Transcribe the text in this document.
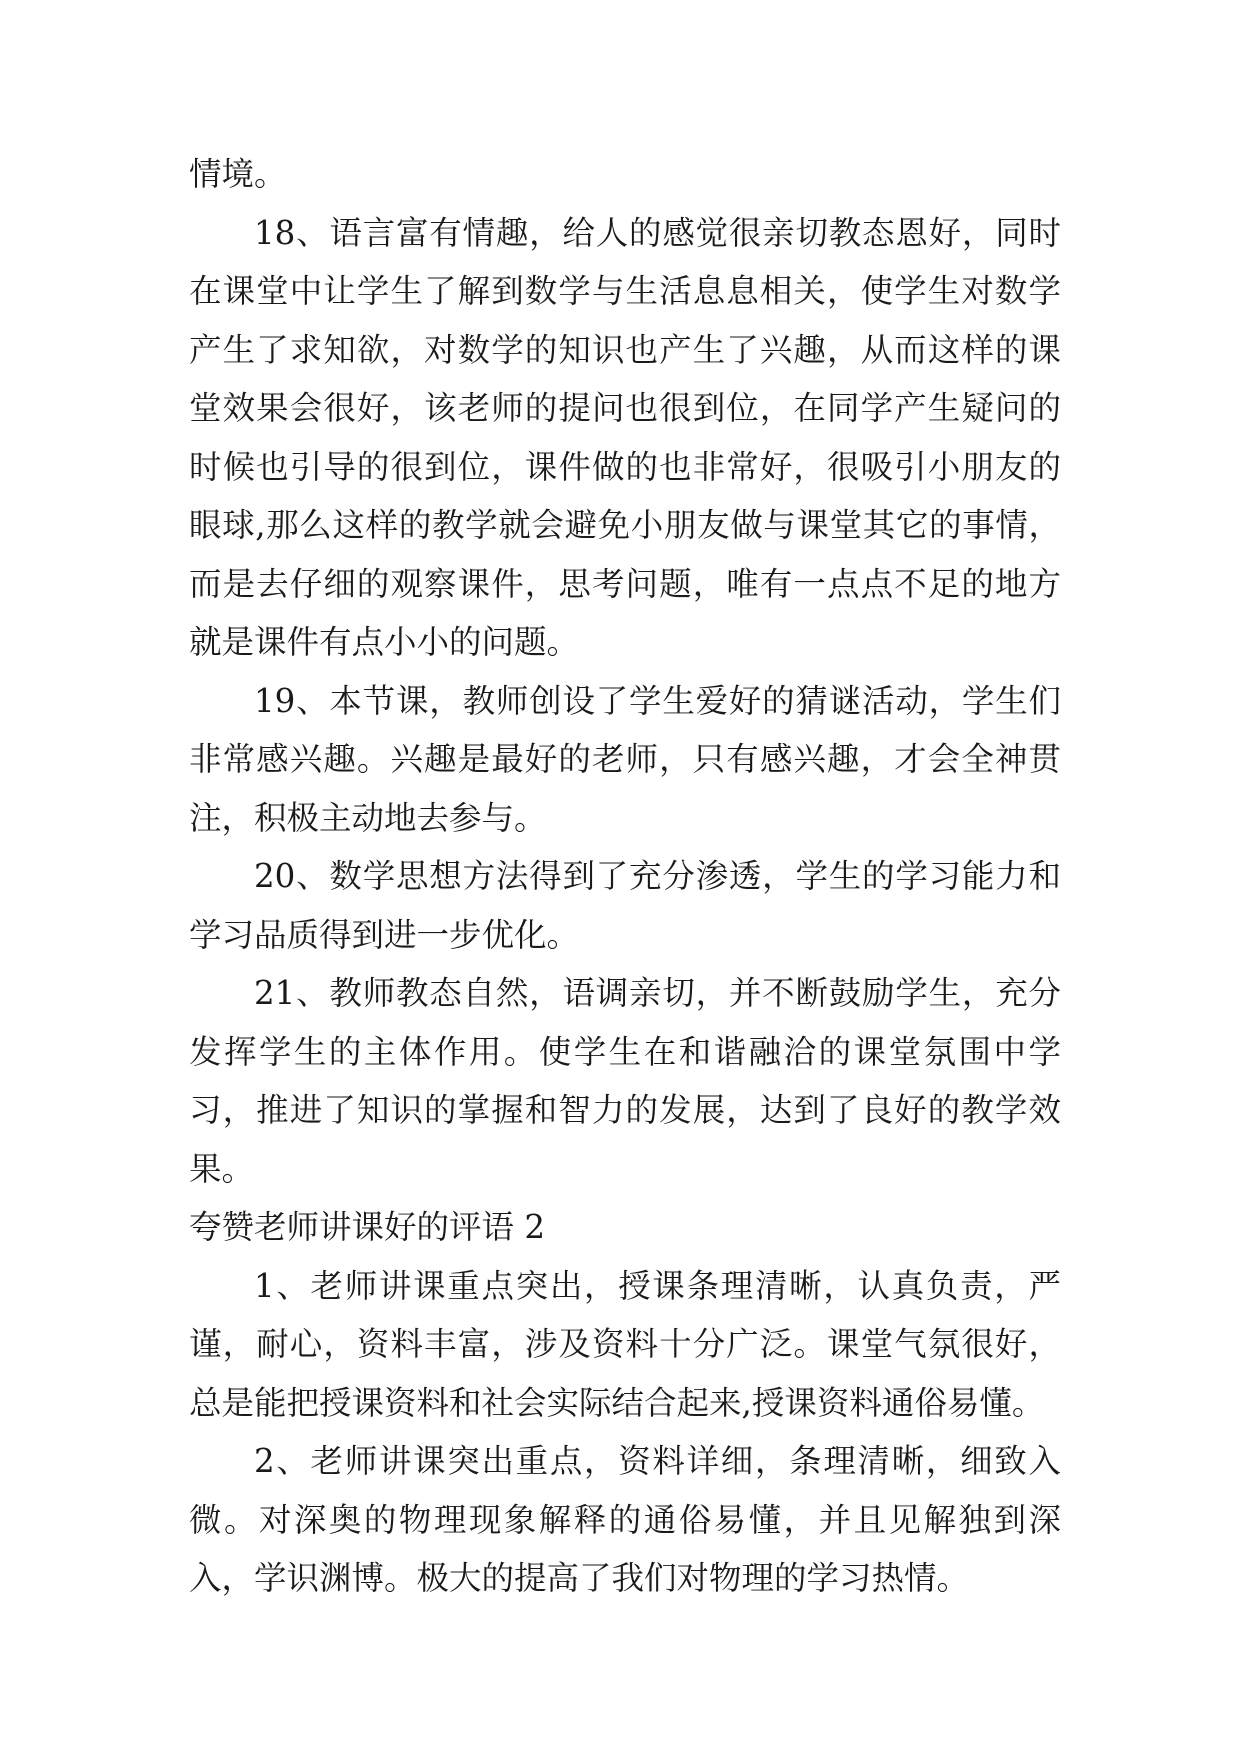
情境。

18、语言富有情趣，给人的感觉很亲切教态恩好，同时在课堂中让学生了解到数学与生活息息相关，使学生对数学产生了求知欲，对数学的知识也产生了兴趣，从而这样的课堂效果会很好，该老师的提问也很到位，在同学产生疑问的时候也引导的很到位，课件做的也非常好，很吸引小朋友的眼球,那么这样的教学就会避免小朋友做与课堂其它的事情，而是去仔细的观察课件，思考问题，唯有一点点不足的地方就是课件有点小小的问题。

19、本节课，教师创设了学生爱好的猜谜活动，学生们非常感兴趣。兴趣是最好的老师，只有感兴趣，才会全神贯注，积极主动地去参与。

20、数学思想方法得到了充分渗透，学生的学习能力和学习品质得到进一步优化。

21、教师教态自然，语调亲切，并不断鼓励学生，充分发挥学生的主体作用。使学生在和谐融洽的课堂氛围中学习，推进了知识的掌握和智力的发展，达到了良好的教学效果。

夸赞老师讲课好的评语 2

1、老师讲课重点突出，授课条理清晰，认真负责，严谨，耐心，资料丰富，涉及资料十分广泛。课堂气氛很好，总是能把授课资料和社会实际结合起来,授课资料通俗易懂。

2、老师讲课突出重点，资料详细，条理清晰，细致入微。对深奥的物理现象解释的通俗易懂，并且见解独到深入，学识渊博。极大的提高了我们对物理的学习热情。
